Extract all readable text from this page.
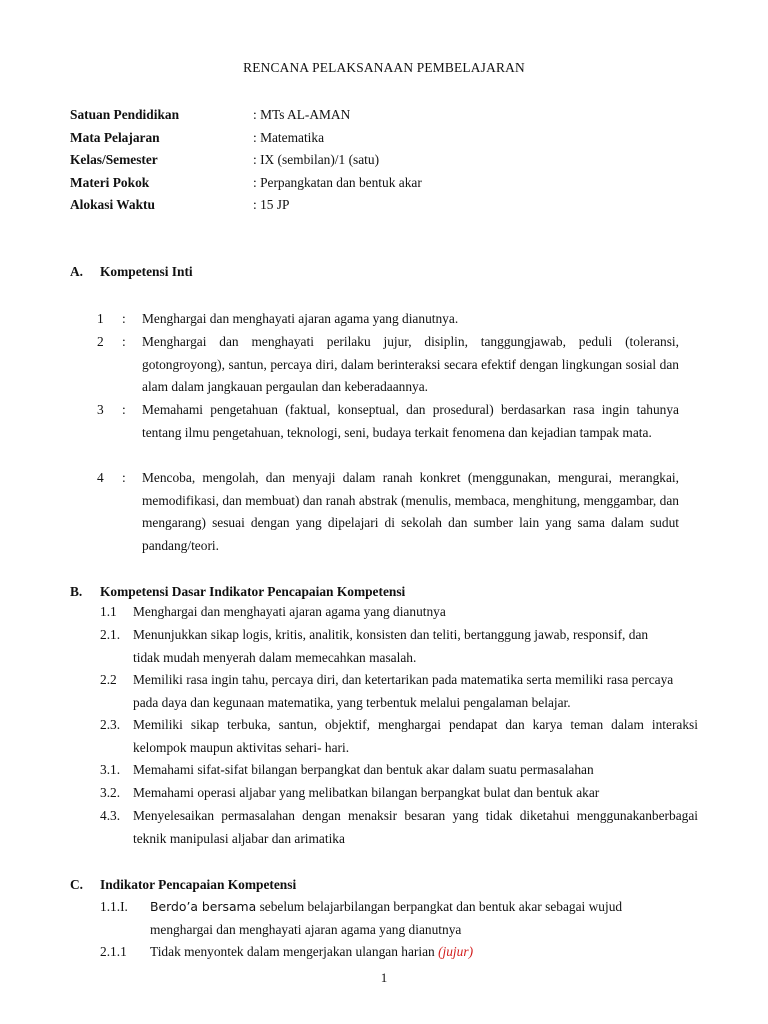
RENCANA PELAKSANAAN PEMBELAJARAN
Satuan Pendidikan	: MTs AL-AMAN
Mata Pelajaran	: Matematika
Kelas/Semester	: IX (sembilan)/1 (satu)
Materi Pokok	: Perpangkatan dan bentuk akar
Alokasi Waktu	: 15 JP
A. Kompetensi Inti
1 : Menghargai dan menghayati ajaran agama yang dianutnya.
2 : Menghargai dan menghayati perilaku jujur, disiplin, tanggungjawab, peduli (toleransi, gotongroyong), santun, percaya diri, dalam berinteraksi secara efektif dengan lingkungan sosial dan alam dalam jangkauan pergaulan dan keberadaannya.
3 : Memahami pengetahuan (faktual, konseptual, dan prosedural) berdasarkan rasa ingin tahunya tentang ilmu pengetahuan, teknologi, seni, budaya terkait fenomena dan kejadian tampak mata.
4 : Mencoba, mengolah, dan menyaji dalam ranah konkret (menggunakan, mengurai, merangkai, memodifikasi, dan membuat) dan ranah abstrak (menulis, membaca, menghitung, menggambar, dan mengarang) sesuai dengan yang dipelajari di sekolah dan sumber lain yang sama dalam sudut pandang/teori.
B. Kompetensi Dasar Indikator Pencapaian Kompetensi
1.1 Menghargai dan menghayati ajaran agama yang dianutnya
2.1. Menunjukkan sikap logis, kritis, analitik, konsisten dan teliti, bertanggung jawab, responsif, dan tidak mudah menyerah dalam memecahkan masalah.
2.2 Memiliki rasa ingin tahu, percaya diri, dan ketertarikan pada matematika serta memiliki rasa percaya pada daya dan kegunaan matematika, yang terbentuk melalui pengalaman belajar.
2.3. Memiliki sikap terbuka, santun, objektif, menghargai pendapat dan karya teman dalam interaksi kelompok maupun aktivitas sehari- hari.
3.1. Memahami sifat-sifat bilangan berpangkat dan bentuk akar dalam suatu permasalahan
3.2. Memahami operasi aljabar yang melibatkan bilangan berpangkat bulat dan bentuk akar
4.3. Menyelesaikan permasalahan dengan menaksir besaran yang tidak diketahui menggunakanberbagai teknik manipulasi aljabar dan arimatika
C. Indikator Pencapaian Kompetensi
1.1.I. Berdo’a bersama sebelum belajarbilangan berpangkat dan bentuk akar sebagai wujud menghargai dan menghayati ajaran agama yang dianutnya
2.1.1 Tidak menyontek dalam mengerjakan ulangan harian (jujur)
1
